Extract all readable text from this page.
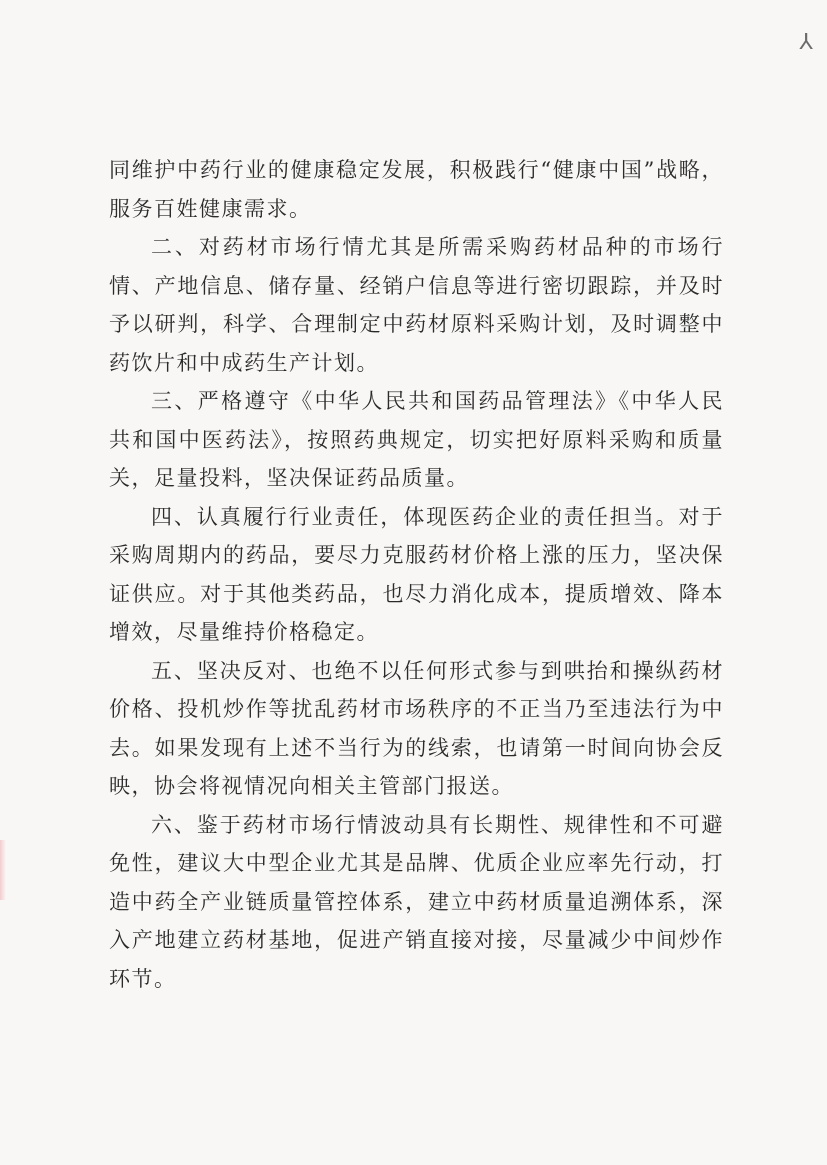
⅄

同维护中药行业的健康稳定发展，积极践行“健康中国”战略，服务百姓健康需求。

二、对药材市场行情尤其是所需采购药材品种的市场行情、产地信息、储存量、经销户信息等进行密切跟踪，并及时予以研判，科学、合理制定中药材原料采购计划，及时调整中药饮片和中成药生产计划。

三、严格遵守《中华人民共和国药品管理法》《中华人民共和国中医药法》，按照药典规定，切实把好原料采购和质量关，足量投料，坚决保证药品质量。

四、认真履行行业责任，体现医药企业的责任担当。对于采购周期内的药品，要尽力克服药材价格上涨的压力，坚决保证供应。对于其他类药品，也尽力消化成本，提质增效、降本增效，尽量维持价格稳定。

五、坚决反对、也绝不以任何形式参与到哄抬和操纵药材价格、投机炒作等扰乱药材市场秩序的不正当乃至违法行为中去。如果发现有上述不当行为的线索，也请第一时间向协会反映，协会将视情况向相关主管部门报送。

六、鉴于药材市场行情波动具有长期性、规律性和不可避免性，建议大中型企业尤其是品牌、优质企业应率先行动，打造中药全产业链质量管控体系，建立中药材质量追溯体系，深入产地建立药材基地，促进产销直接对接，尽量减少中间炒作环节。
